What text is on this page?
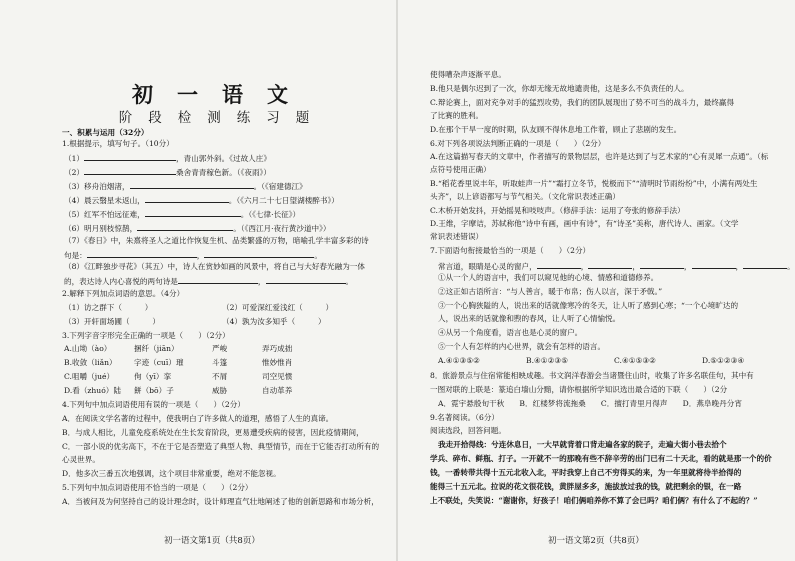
初一语文
阶段检测练习题
一、积累与运用（32分）
1.根据提示，填写句子。（10分）
（1）	，青山郭外斜。《过故人庄》
（2）	桑舍青青稼色新。（《夜雨》）
（3）移舟泊烟渚，	。（《宿建德江》
（4）晨云翳星未返山，	。（《六月二十七日望湖楼醉书》）
（5）红军不怕远征难，	。（《七律·长征》）
（6）明月别枝惊鹊，	。（《西江月·夜行黄沙道中》）
（7）《春日》中，朱熹将圣人之道比作恢复生机、品类繁盛的万物，暗喻孔学丰富多彩的诗
句是：	，	。
（8）《江畔独步寻花》（其五）中，诗人在赏妙如画的风景中，将自己与大好春光融为一体
的，表达诗人内心喜悦的两句诗是	，	。
2.解释下列加点词语的意思。（4分）
（1）访之群下（　　　）	（2）可爱深红爱浅红（　　　）
（3）开轩面场圃（　　　）	（4）孰为汝多知乎（　　　）
3.下列字音字形完全正确的一项是（　　）（2分）
A.山坳（ào）	捆纤（jiān）	严峻	弄巧成拙
B.收敛（liǎn） 字迹（cuī）璀	斗篷	惟妙惟肖
C.咀嚼（jué）	佝（yī）挛	不屑	司空见惯
D.看（zhuó）陆 餅（bō）子	威胁	自动革养
4.下列句中加点词语使用有误的一项是（　　）（2分）
A．在阅读文学名著的过程中，使我明白了许多做人的道理，感悟了人生的真谛。
B．与成人相比，儿童免疫系统处在生长发育阶段，更易遭受疾病的侵害，因此疫情期间，
C．一部小说的优劣高下，不在于它是否塑造了典型人物、典型情节，而在于它能否打动所有的
心灵世界。
D．他多次三番五次地强调，这个项目非常重要，绝对不能忽视。
5.下列句中加点词语使用不恰当的一项是（　　）（2分）
A．当被问及为何坚持自己的设计理念时，设计师理直气壮地阐述了他的创新思路和市场分析，
初一语文第1页（共8页）
使得嘈杂声逐渐平息。
B.他只是偶尔迟到了一次，你却无缘无故地谴责他，这是多么不负责任的人。
C.辩论赛上，面对充争对手的猛烈攻势，我们的团队展现出了势不可当的战斗力，最终赢得
了比赛的胜利。
D.在那个干旱一度的时期，队友顾不得休息地工作着，顾止了悲剧的发生。
6.对下列各项说法判断正确的一项是（　　）（2分）
A.在这篇描写春天的文章中，作者描写的景物层层，也许是达到了与艺术家的“心有灵犀一点通”。（标
点符号使用正确）
B.“稻花香里说丰年，听取蛙声一片”“霜打立冬节，悦极而下”“清明时节雨纷纷”中，小满有两处生
头齐”，以上谚语都写与节气相关。（文化常识表述正确）
C.木桥开始发抖，开始摇晃和吱吱声。（修辞手法：运用了夸张的修辞手法）
D.王维，字摩诘，苏轼称他“诗中有画，画中有诗”，有“诗圣”美称，唐代诗人、画家。（文学
常识表述错误）
7.下面语句衔接最恰当的一项是（　　）（2分）
常言道，眼睛是心灵的窗户，	，	，	，	，	。
①从一个人的语言中，我们可以窥见他的心境、情感和道德修养。
②这正如古语所言：“与人善言，暖于布帛；伤人以言，深于矛戟。”
③一个心胸狭隘的人，说出来的话就像寒冷的冬天，让人听了感到心寒；“一个心境旷达的
人，说出来的话就像和煦的春风，让人听了心情愉悦。
④从另一个角度看，语言也是心灵的窗户。
⑤一个人有怎样的内心世界，就会有怎样的语言。
A.④①③⑤②	B.④①②③⑤	C.④①⑤③②	D.⑤①②③④
8．旅游景点与住宿常能相映成趣。书文润洋春游会当诸暨住山时，收集了许多名联佳句，其中有
一图对联的上联是：篆追白墙山分黯，请你根据所学知识选出最合适的下联（　　）（2分
A．霓宇悬殷旬干秋　　B．红楼梦将流拖桑　　C．擅打青里月得声　　D．燕阜晚丹分宵
9.名著阅读。（6分）
阅读选段，回答问题。
我走开拾得线：兮连休息日，一大早就背着口背走遍各家的院子，走遍大街小巷去拾个
学兵、碎布、鲜瓶、打子。一开就不一的那晚有些不辞辛劳的出门已有二十天北，看的就是那一个的价
钱，一番转带共得十五元北收入北，平时我穿上自己不穷得买的来，为一年里就将待半拾得的
能得三十五元北。拉说的花文很花钱，黄胖屋多多，施拔放过我的钱，就把剩余的银，在一路
上不联处，失笑说：“谢谢你，好孩子！咱们俩咱养你不算了会已吗？咱们俩？有什么了不起的？”
初一语文第2页（共8页）
